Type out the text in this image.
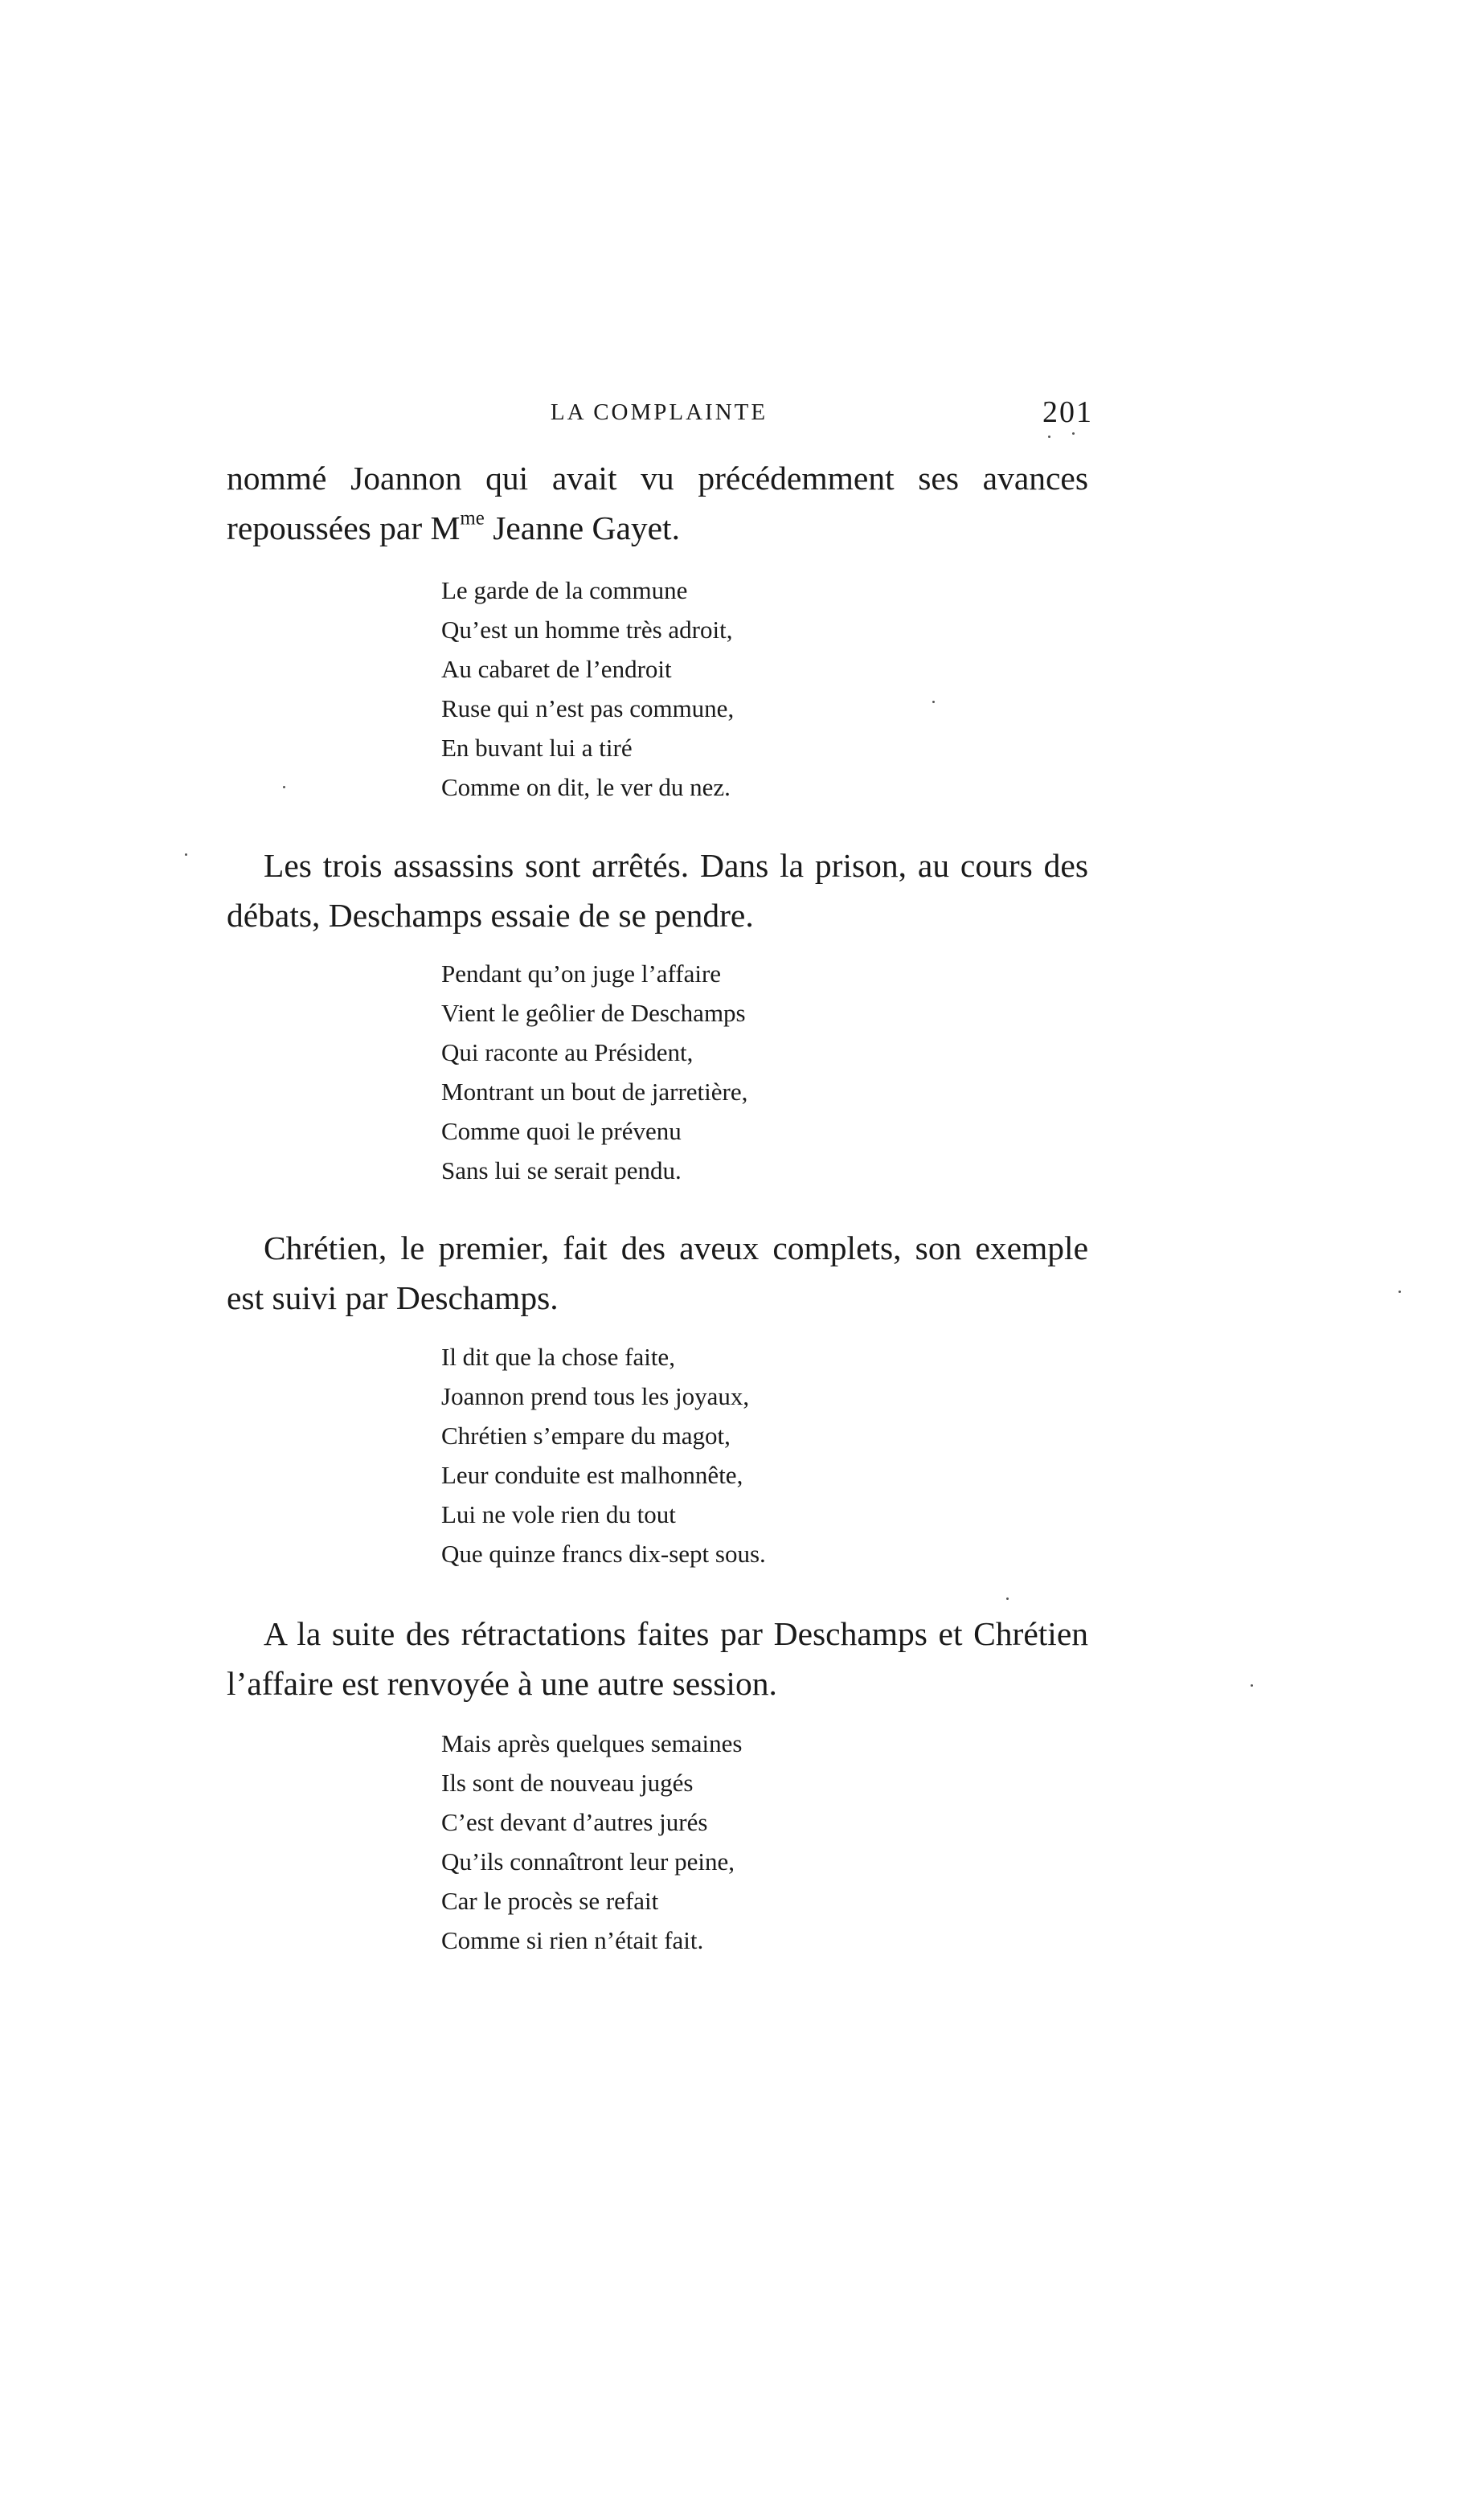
LA COMPLAINTE	201

nommé Joannon qui avait vu précédemment ses avances repoussées par $M^{me}$ Jeanne Gayet.

Le garde de la commune
Qu’est un homme très adroit,
Au cabaret de l’endroit
Ruse qui n’est pas commune,
En buvant lui a tiré
Comme on dit, le ver du nez.

Les trois assassins sont arrêtés. Dans la prison, au cours des débats, Deschamps essaie de se pendre.

Pendant qu’on juge l’affaire
Vient le geôlier de Deschamps
Qui raconte au Président,
Montrant un bout de jarretière,
Comme quoi le prévenu
Sans lui se serait pendu.

Chrétien, le premier, fait des aveux complets, son exemple est suivi par Deschamps.

Il dit que la chose faite,
Joannon prend tous les joyaux,
Chrétien s’empare du magot,
Leur conduite est malhonnête,
Lui ne vole rien du tout
Que quinze francs dix-sept sous.

A la suite des rétractations faites par Deschamps et Chrétien l’affaire est renvoyée à une autre session.

Mais après quelques semaines
Ils sont de nouveau jugés
C’est devant d’autres jurés
Qu’ils connaîtront leur peine,
Car le procès se refait
Comme si rien n’était fait.
